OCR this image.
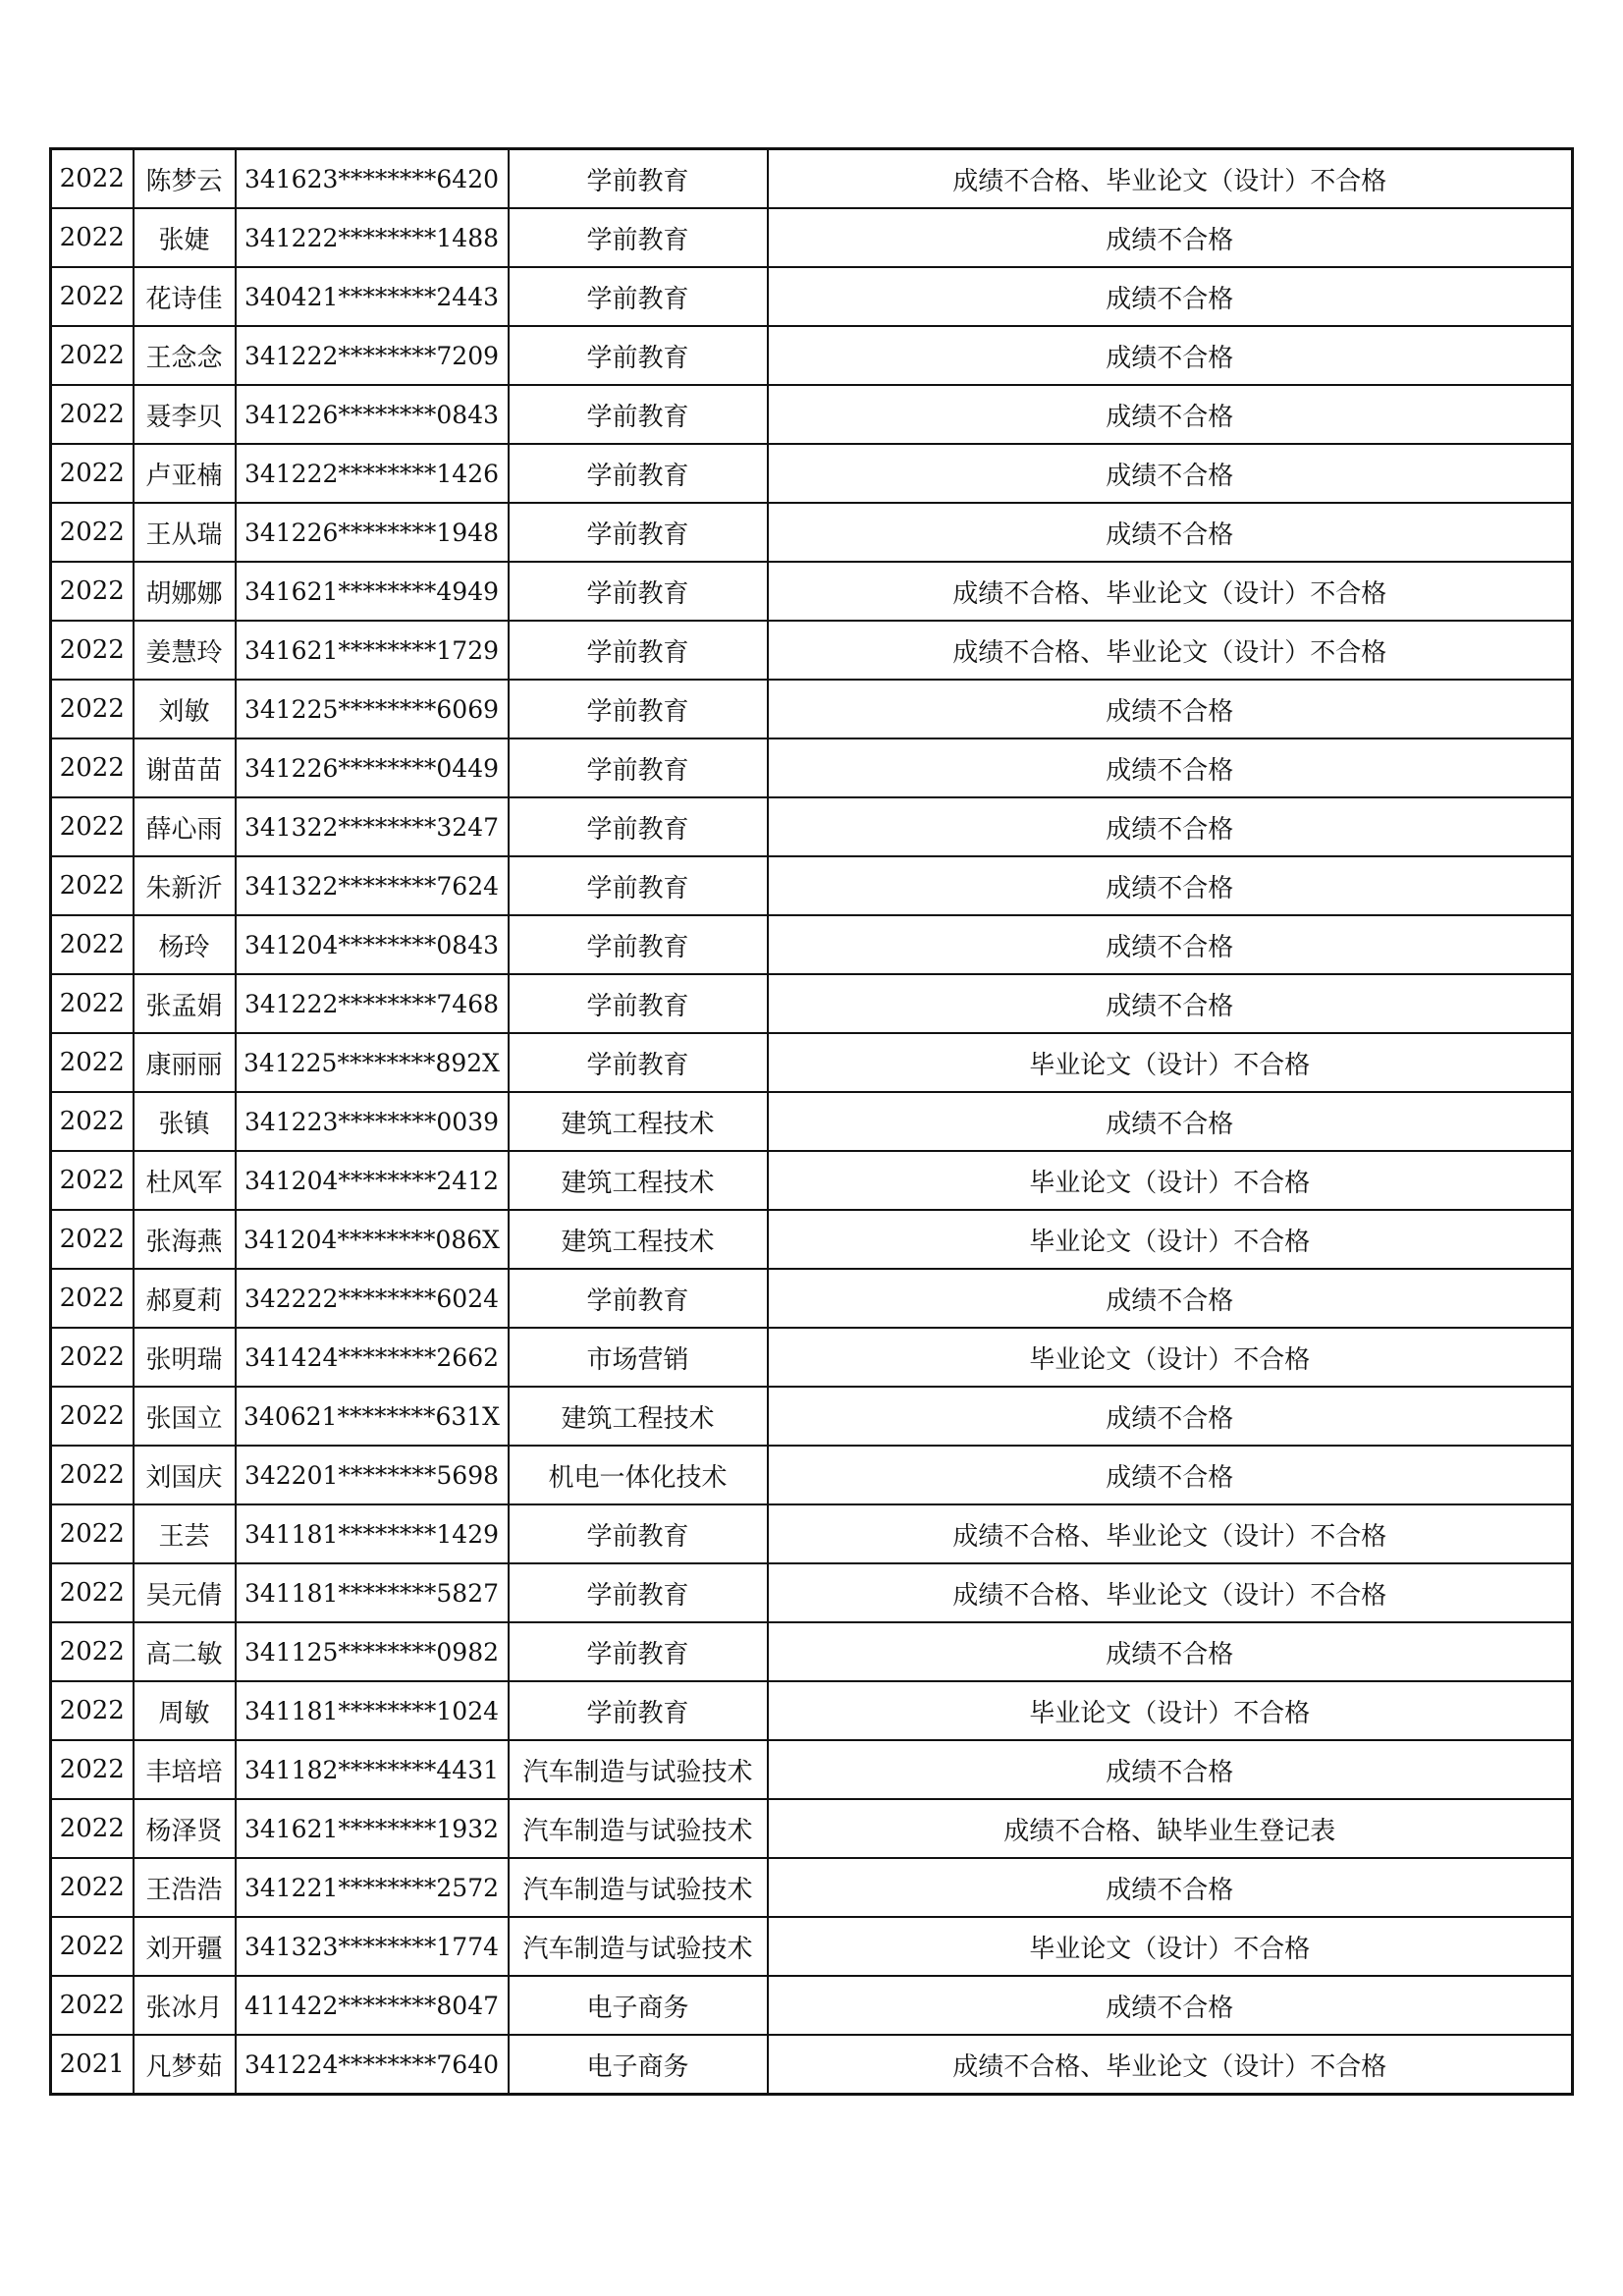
2022	陈梦云	341623********6420	学前教育	成绩不合格、毕业论文（设计）不合格
2022	张婕	341222********1488	学前教育	成绩不合格
2022	花诗佳	340421********2443	学前教育	成绩不合格
2022	王念念	341222********7209	学前教育	成绩不合格
2022	聂李贝	341226********0843	学前教育	成绩不合格
2022	卢亚楠	341222********1426	学前教育	成绩不合格
2022	王从瑞	341226********1948	学前教育	成绩不合格
2022	胡娜娜	341621********4949	学前教育	成绩不合格、毕业论文（设计）不合格
2022	姜慧玲	341621********1729	学前教育	成绩不合格、毕业论文（设计）不合格
2022	刘敏	341225********6069	学前教育	成绩不合格
2022	谢苗苗	341226********0449	学前教育	成绩不合格
2022	薛心雨	341322********3247	学前教育	成绩不合格
2022	朱新沂	341322********7624	学前教育	成绩不合格
2022	杨玲	341204********0843	学前教育	成绩不合格
2022	张孟娟	341222********7468	学前教育	成绩不合格
2022	康丽丽	341225********892X	学前教育	毕业论文（设计）不合格
2022	张镇	341223********0039	建筑工程技术	成绩不合格
2022	杜风军	341204********2412	建筑工程技术	毕业论文（设计）不合格
2022	张海燕	341204********086X	建筑工程技术	毕业论文（设计）不合格
2022	郝夏莉	342222********6024	学前教育	成绩不合格
2022	张明瑞	341424********2662	市场营销	毕业论文（设计）不合格
2022	张国立	340621********631X	建筑工程技术	成绩不合格
2022	刘国庆	342201********5698	机电一体化技术	成绩不合格
2022	王芸	341181********1429	学前教育	成绩不合格、毕业论文（设计）不合格
2022	吴元倩	341181********5827	学前教育	成绩不合格、毕业论文（设计）不合格
2022	高二敏	341125********0982	学前教育	成绩不合格
2022	周敏	341181********1024	学前教育	毕业论文（设计）不合格
2022	丰培培	341182********4431	汽车制造与试验技术	成绩不合格
2022	杨泽贤	341621********1932	汽车制造与试验技术	成绩不合格、缺毕业生登记表
2022	王浩浩	341221********2572	汽车制造与试验技术	成绩不合格
2022	刘开疆	341323********1774	汽车制造与试验技术	毕业论文（设计）不合格
2022	张冰月	411422********8047	电子商务	成绩不合格
2021	凡梦茹	341224********7640	电子商务	成绩不合格、毕业论文（设计）不合格
